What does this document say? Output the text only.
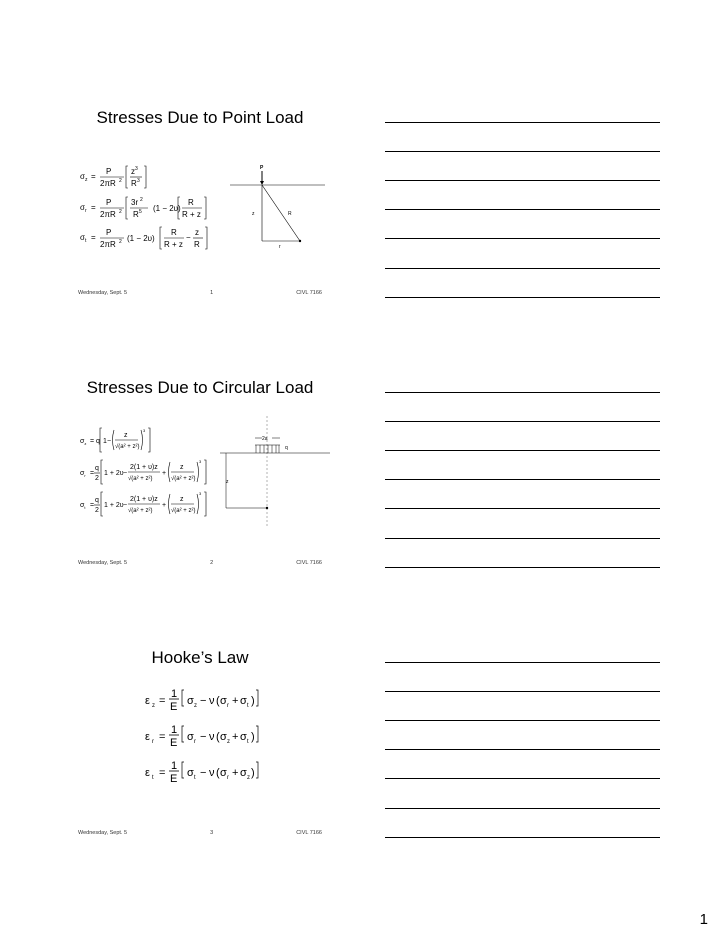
Stresses Due to Point Load
$\sigma_z$ =
P
2πR 2
z 3
R 3
$\sigma_r$ =
P
2πR 2
3r 2
R 5 (1 − 2υ)
R
R + z
$\sigma_t$ =
P
2πR 2 (1 − 2υ)
R
R + z
−
z
R
P
z	R
r
Wednesday, Sept. 5	1	CIVL 7166
Stresses Due to Circular Load
$\sigma_z = q$ 1 −
z
√(a² + z²)
3
$\sigma_r$ =
q
2
1 + 2υ −
2(1 + υ)z
√(a² + z²)
+
z
√(a² + z²)
3
$\sigma_t$ =
q
2
1 + 2υ −
2(1 + υ)z
√(a² + z²)
+
z
√(a² + z²)
3
2a
q
z
Wednesday, Sept. 5	2	CIVL 7166
Hooke’s Law
ε z =
1
E σ z − ν ( σ r + σ t )
ε r =
1
E σ r − ν ( σ z + σ t )
ε t =
1
E σ t − ν ( σ r + σ z )
Wednesday, Sept. 5	3	CIVL 7166
1
